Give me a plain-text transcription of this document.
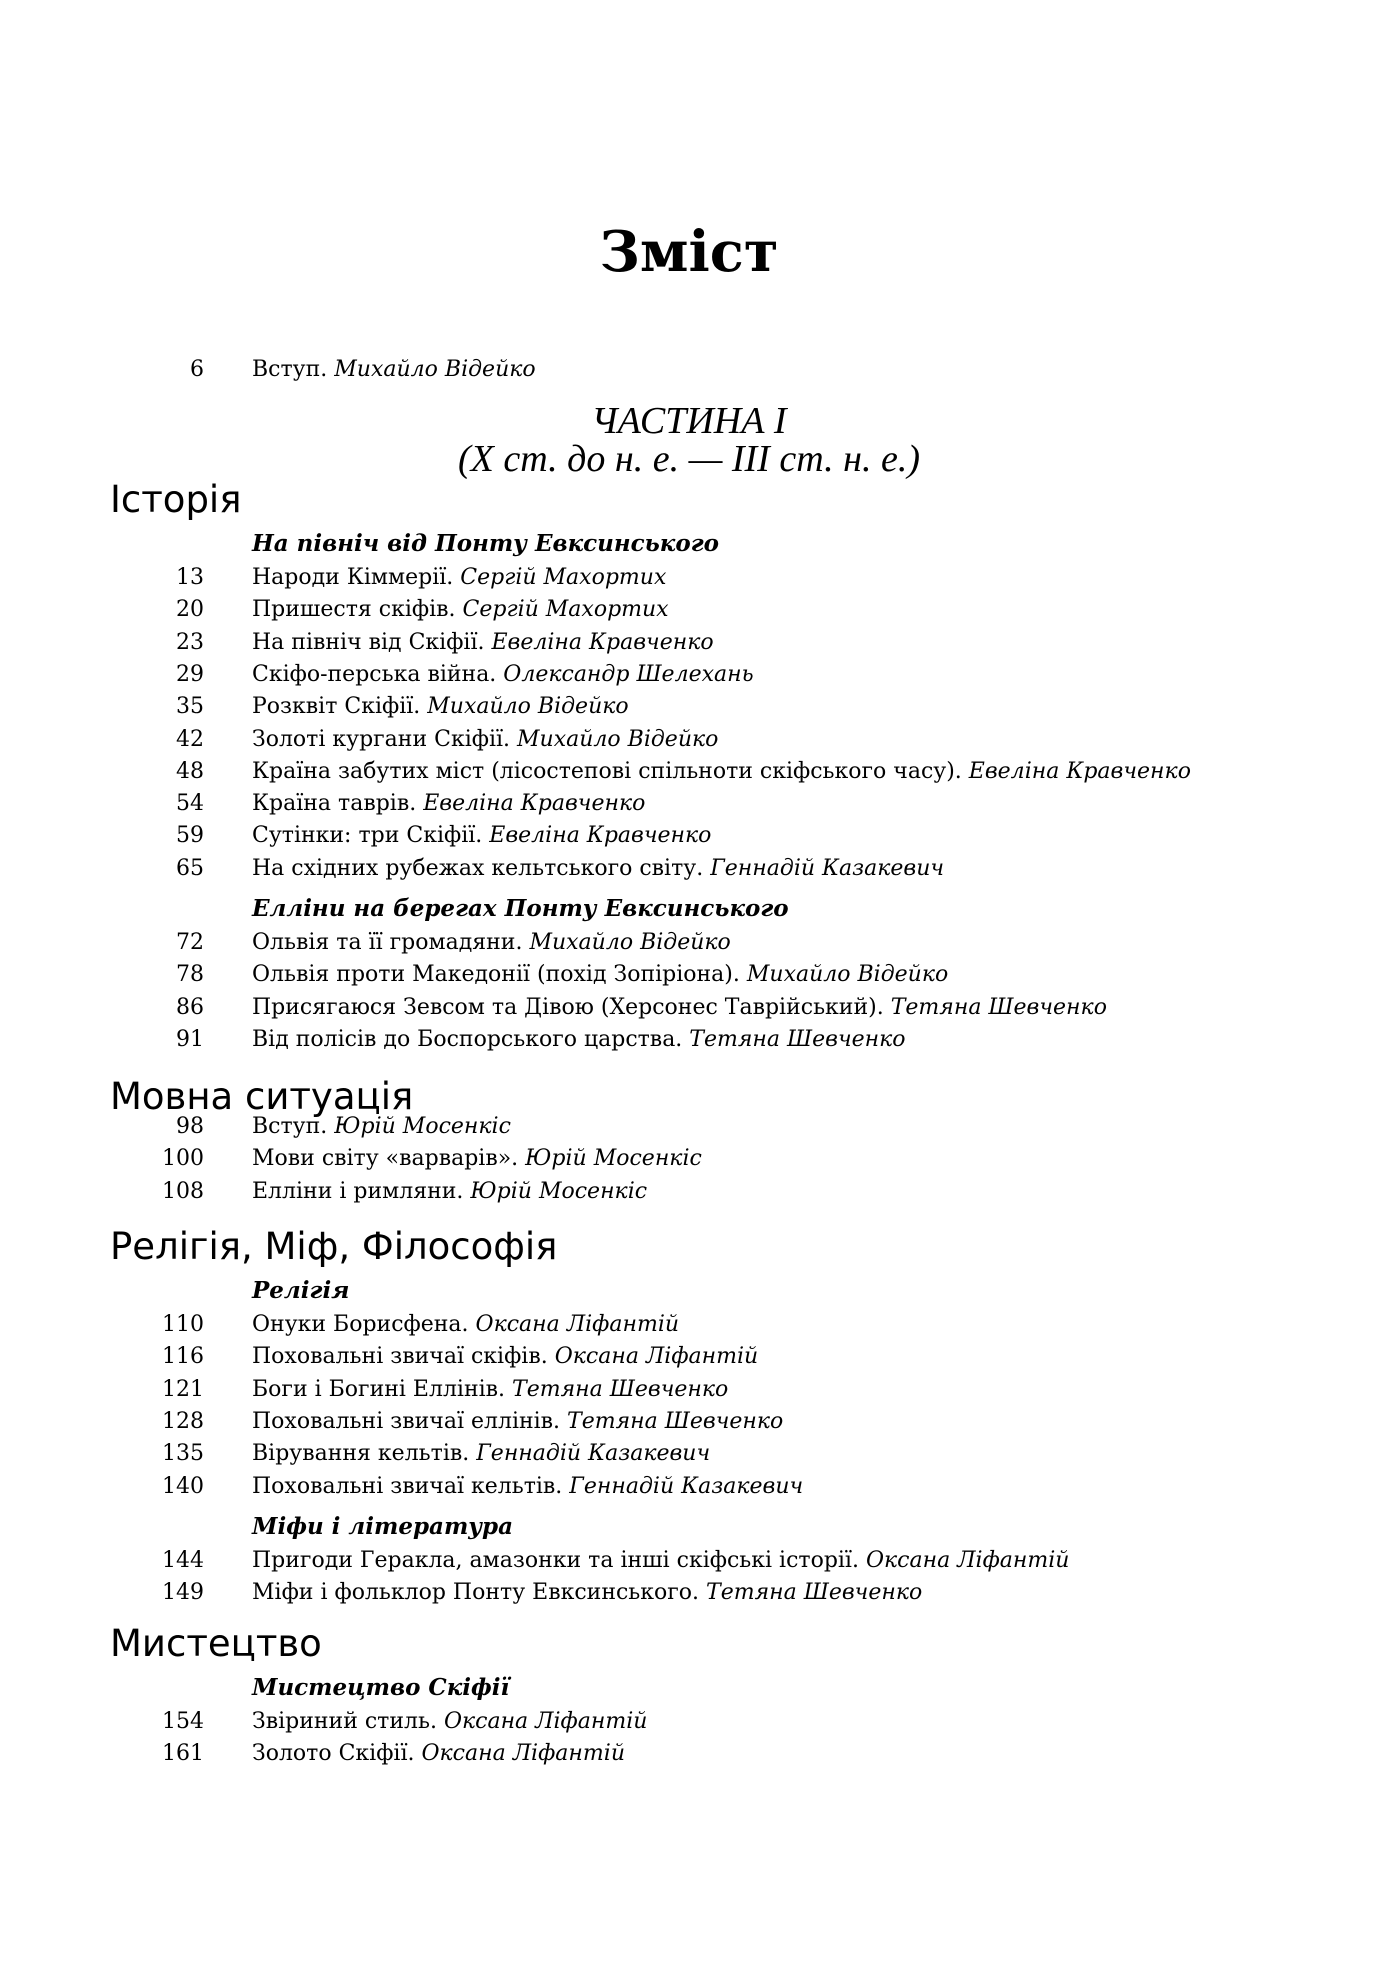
Зміст
6 Вступ. Михайло Відейко
ЧАСТИНА I
(X ст. до н. е. — III ст. н. е.)
Історія
На північ від Понту Евксинського
13 Народи Кіммерії. Сергій Махортих
20 Пришестя скіфів. Сергій Махортих
23 На північ від Скіфії. Евеліна Кравченко
29 Скіфо-перська війна. Олександр Шелехань
35 Розквіт Скіфії. Михайло Відейко
42 Золоті кургани Скіфії. Михайло Відейко
48 Країна забутих міст (лісостепові спільноти скіфського часу). Евеліна Кравченко
54 Країна таврів. Евеліна Кравченко
59 Сутінки: три Скіфії. Евеліна Кравченко
65 На східних рубежах кельтського світу. Геннадій Казакевич
Елліни на берегах Понту Евксинського
72 Ольвія та її громадяни. Михайло Відейко
78 Ольвія проти Македонії (похід Зопіріона). Михайло Відейко
86 Присягаюся Зевсом та Дівою (Херсонес Таврійський). Тетяна Шевченко
91 Від полісів до Боспорського царства. Тетяна Шевченко
Мовна ситуація
98 Вступ. Юрій Мосенкіс
100 Мови світу «варварів». Юрій Мосенкіс
108 Елліни і римляни. Юрій Мосенкіс
Релігія, Міф, Філософія
Релігія
110 Онуки Борисфена. Оксана Ліфантій
116 Поховальні звичаї скіфів. Оксана Ліфантій
121 Боги і Богині Еллінів. Тетяна Шевченко
128 Поховальні звичаї еллінів. Тетяна Шевченко
135 Вірування кельтів. Геннадій Казакевич
140 Поховальні звичаї кельтів. Геннадій Казакевич
Міфи і література
144 Пригоди Геракла, амазонки та інші скіфські історії. Оксана Ліфантій
149 Міфи і фольклор Понту Евксинського. Тетяна Шевченко
Мистецтво
Мистецтво Скіфії
154 Звіриний стиль. Оксана Ліфантій
161 Золото Скіфії. Оксана Ліфантій
